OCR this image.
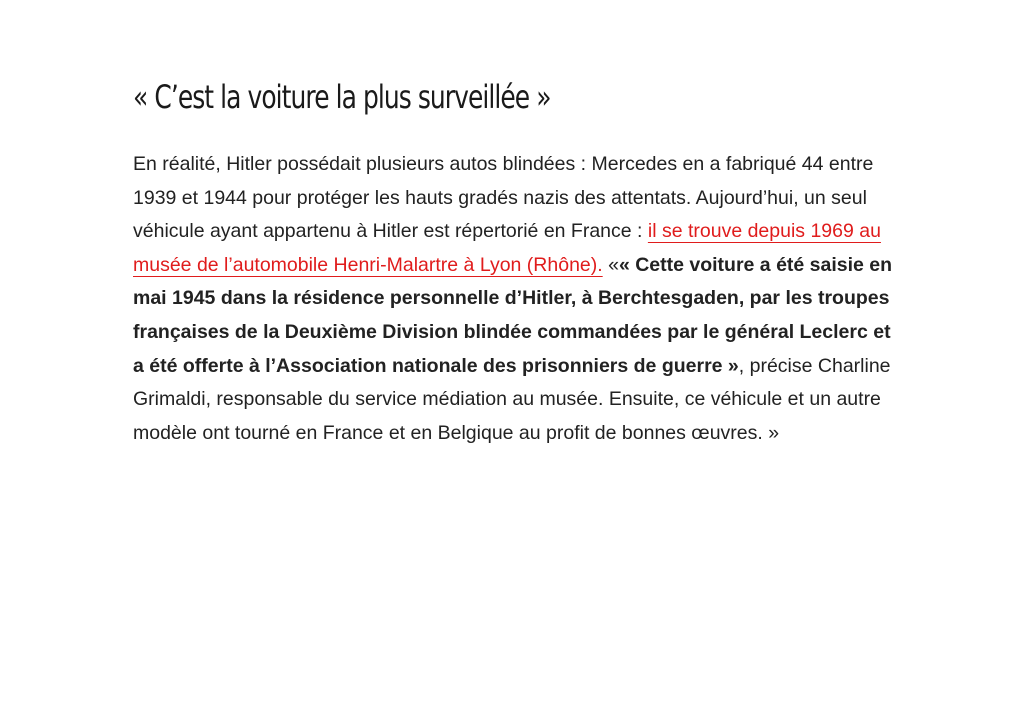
« C’est la voiture la plus surveillée »

En réalité, Hitler possédait plusieurs autos blindées : Mercedes en a fabriqué 44 entre 1939 et 1944 pour protéger les hauts gradés nazis des attentats. Aujourd’hui, un seul véhicule ayant appartenu à Hitler est répertorié en France : il se trouve depuis 1969 au musée de l’automobile Henri-Malartre à Lyon (Rhône). «« Cette voiture a été saisie en mai 1945 dans la résidence personnelle d’Hitler, à Berchtesgaden, par les troupes françaises de la Deuxième Division blindée commandées par le général Leclerc et a été offerte à l’Association nationale des prisonniers de guerre », précise Charline Grimaldi, responsable du service médiation au musée. Ensuite, ce véhicule et un autre modèle ont tourné en France et en Belgique au profit de bonnes œuvres. »
